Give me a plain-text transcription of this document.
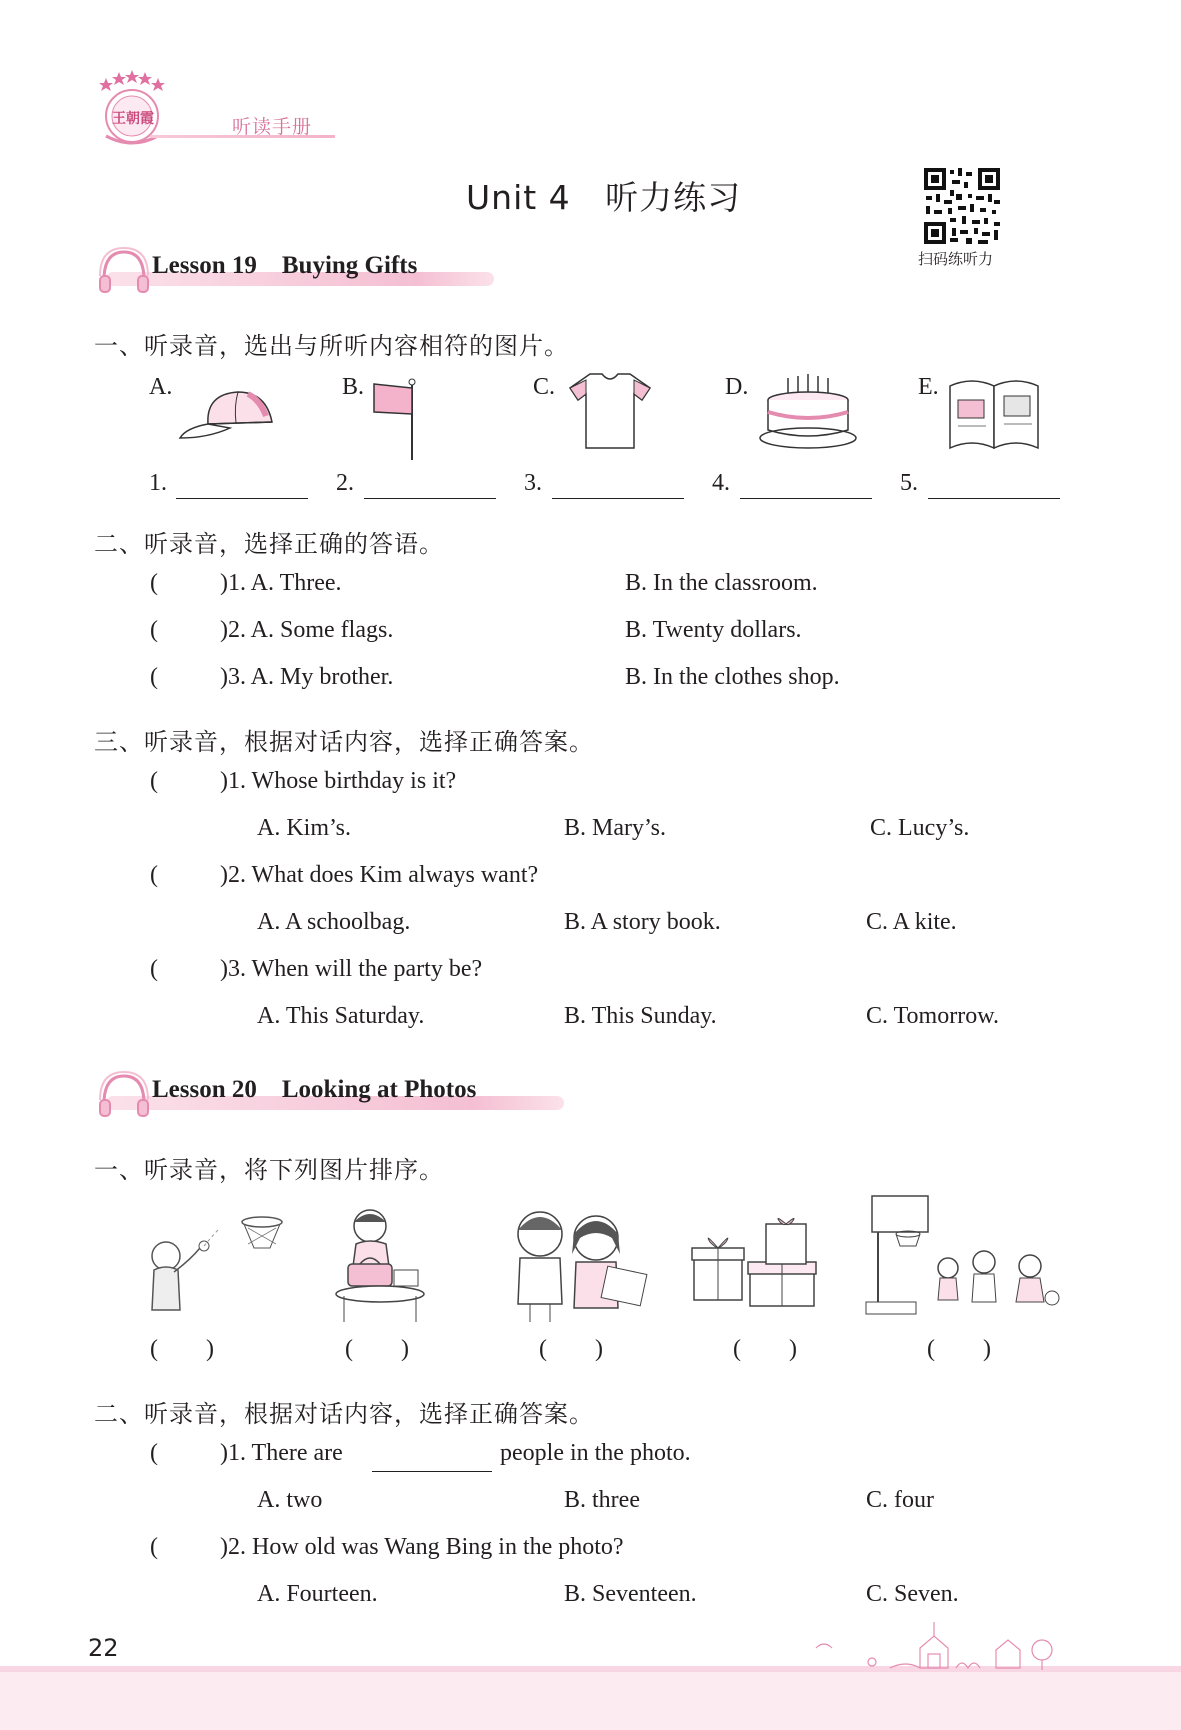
王朝霞	听读手册
Unit 4   听力练习
扫码练听力
Lesson 19    Buying Gifts
一、听录音，选出与所听内容相符的图片。
A.	B.	C.	D.	E.
1.	2.	3.	4.	5.
二、听录音，选择正确的答语。
(	)1. A. Three.	B. In the classroom.
(	)2. A. Some flags.	B. Twenty dollars.
(	)3. A. My brother.	B. In the clothes shop.
三、听录音，根据对话内容，选择正确答案。
(	)1. Whose birthday is it?
A. Kim’s.	B. Mary’s.	C. Lucy’s.
(	)2. What does Kim always want?
A. A schoolbag.	B. A story book.	C. A kite.
(	)3. When will the party be?
A. This Saturday.	B. This Sunday.	C. Tomorrow.
Lesson 20    Looking at Photos
一、听录音，将下列图片排序。
(        )	(        )	(        )	(        )	(        )
二、听录音，根据对话内容，选择正确答案。
(	)1. There are	people in the photo.
A. two	B. three	C. four
(	)2. How old was Wang Bing in the photo?
A. Fourteen.	B. Seventeen.	C. Seven.
22
